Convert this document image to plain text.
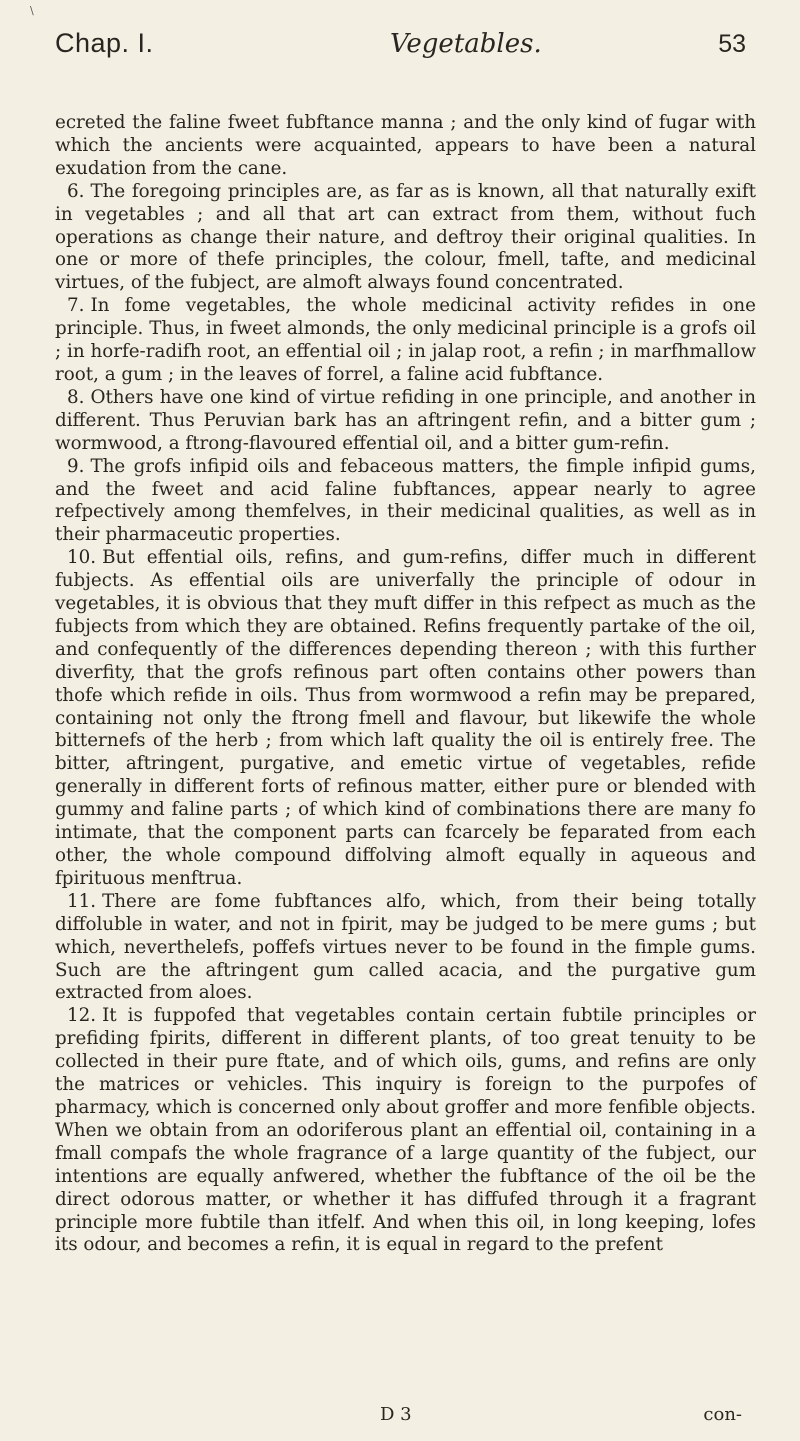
\
Chap. I.	Vegetables.	53

ecreted the faline fweet fubftance manna ; and the only kind of fugar with which the ancients were acquainted, appears to have been a natural exudation from the cane.

6. The foregoing principles are, as far as is known, all that naturally exift in vegetables ; and all that art can extract from them, without fuch operations as change their nature, and deftroy their original qualities. In one or more of thefe principles, the colour, fmell, tafte, and medicinal virtues, of the fubject, are almoft always found concentrated.

7. In fome vegetables, the whole medicinal activity refides in one principle. Thus, in fweet almonds, the only medicinal principle is a grofs oil ; in horfe-radifh root, an effential oil ; in jalap root, a refin ; in marfhmallow root, a gum ; in the leaves of forrel, a faline acid fubftance.

8. Others have one kind of virtue refiding in one principle, and another in different. Thus Peruvian bark has an aftringent refin, and a bitter gum ; wormwood, a ftrong-flavoured effential oil, and a bitter gum-refin.

9. The grofs infipid oils and febaceous matters, the fimple infipid gums, and the fweet and acid faline fubftances, appear nearly to agree refpectively among themfelves, in their medicinal qualities, as well as in their pharmaceutic properties.

10. But effential oils, refins, and gum-refins, differ much in different fubjects. As effential oils are univerfally the principle of odour in vegetables, it is obvious that they muft differ in this refpect as much as the fubjects from which they are obtained. Refins frequently partake of the oil, and confequently of the differences depending thereon ; with this further diverfity, that the grofs refinous part often contains other powers than thofe which refide in oils. Thus from wormwood a refin may be prepared, containing not only the ftrong fmell and flavour, but likewife the whole bitternefs of the herb ; from which laft quality the oil is entirely free. The bitter, aftringent, purgative, and emetic virtue of vegetables, refide generally in different forts of refinous matter, either pure or blended with gummy and faline parts ; of which kind of combinations there are many fo intimate, that the component parts can fcarcely be feparated from each other, the whole compound diffolving almoft equally in aqueous and fpirituous menftrua.

11. There are fome fubftances alfo, which, from their being totally diffoluble in water, and not in fpirit, may be judged to be mere gums ; but which, neverthelefs, poffefs virtues never to be found in the fimple gums. Such are the aftringent gum called acacia, and the purgative gum extracted from aloes.

12. It is fuppofed that vegetables contain certain fubtile principles or prefiding fpirits, different in different plants, of too great tenuity to be collected in their pure ftate, and of which oils, gums, and refins are only the matrices or vehicles. This inquiry is foreign to the purpofes of pharmacy, which is concerned only about groffer and more fenfible objects. When we obtain from an odoriferous plant an effential oil, containing in a fmall compafs the whole fragrance of a large quantity of the fubject, our intentions are equally anfwered, whether the fubftance of the oil be the direct odorous matter, or whether it has diffufed through it a fragrant principle more fubtile than itfelf. And when this oil, in long keeping, lofes its odour, and becomes a refin, it is equal in regard to the prefent

D 3	con-
